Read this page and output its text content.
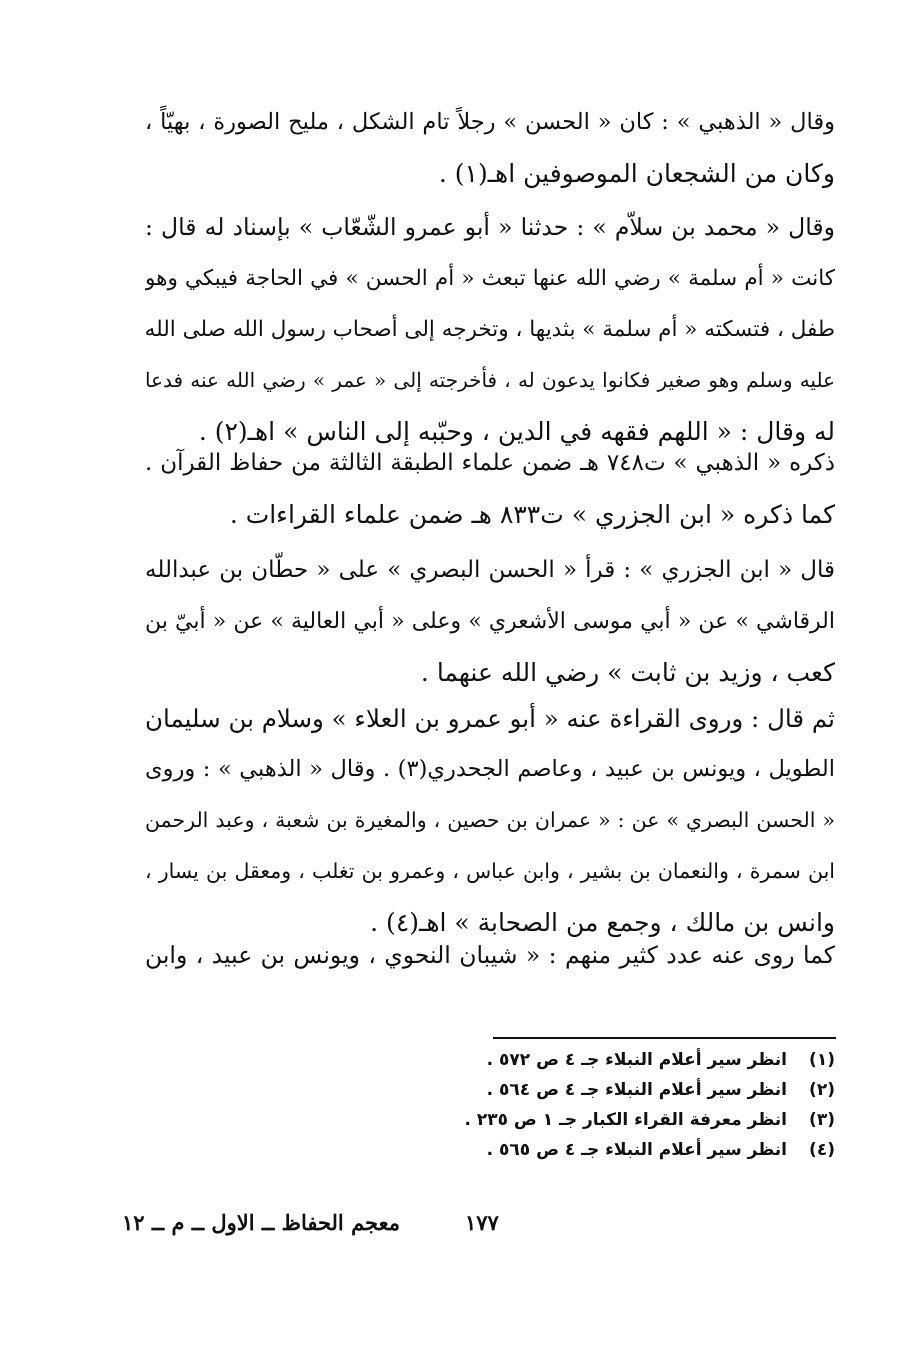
وقال « الذهبي » : كان « الحسن » رجلاً تام الشكل ، مليح الصورة ، بهيّاً ،
وكان من الشجعان الموصوفين اهـ(١) .
وقال « محمد بن سلاّم » : حدثنا « أبو عمرو الشّعّاب » بإسناد له قال :
كانت « أم سلمة » رضي الله عنها تبعث « أم الحسن » في الحاجة فيبكي وهو
طفل ، فتسكته « أم سلمة » بثديها ، وتخرجه إلى أصحاب رسول الله صلى الله
عليه وسلم وهو صغير فكانوا يدعون له ، فأخرجته إلى « عمر » رضي الله عنه فدعا
له وقال : « اللهم فقهه في الدين ، وحبّبه إلى الناس » اهـ(٢) .
ذكره « الذهبي » ت٧٤٨ هـ ضمن علماء الطبقة الثالثة من حفاظ القرآن .
كما ذكره « ابن الجزري » ت٨٣٣ هـ ضمن علماء القراءات .
قال « ابن الجزري » : قرأ « الحسن البصري » على « حطّان بن عبدالله
الرقاشي » عن « أبي موسى الأشعري » وعلى « أبي العالية » عن « أبيّ بن
كعب ، وزيد بن ثابت » رضي الله عنهما .
ثم قال : وروى القراءة عنه « أبو عمرو بن العلاء » وسلام بن سليمان
الطويل ، ويونس بن عبيد ، وعاصم الجحدري(٣) . وقال « الذهبي » : وروى
« الحسن البصري » عن : « عمران بن حصين ، والمغيرة بن شعبة ، وعبد الرحمن
ابن سمرة ، والنعمان بن بشير ، وابن عباس ، وعمرو بن تغلب ، ومعقل بن يسار ،
وانس بن مالك ، وجمع من الصحابة » اهـ(٤) .
كما روى عنه عدد كثير منهم : « شيبان النحوي ، ويونس بن عبيد ، وابن
(١)
انظر سير أعلام النبلاء جـ ٤ ص ٥٧٢ .
(٢)
انظر سير أعلام النبلاء جـ ٤ ص ٥٦٤ .
(٣)
انظر معرفة القراء الكبار جـ ١ ص ٢٣٥ .
(٤)
انظر سير أعلام النبلاء جـ ٤ ص ٥٦٥ .
١٧٧
معجم الحفاظ ــ الاول ــ م ــ ١٢
